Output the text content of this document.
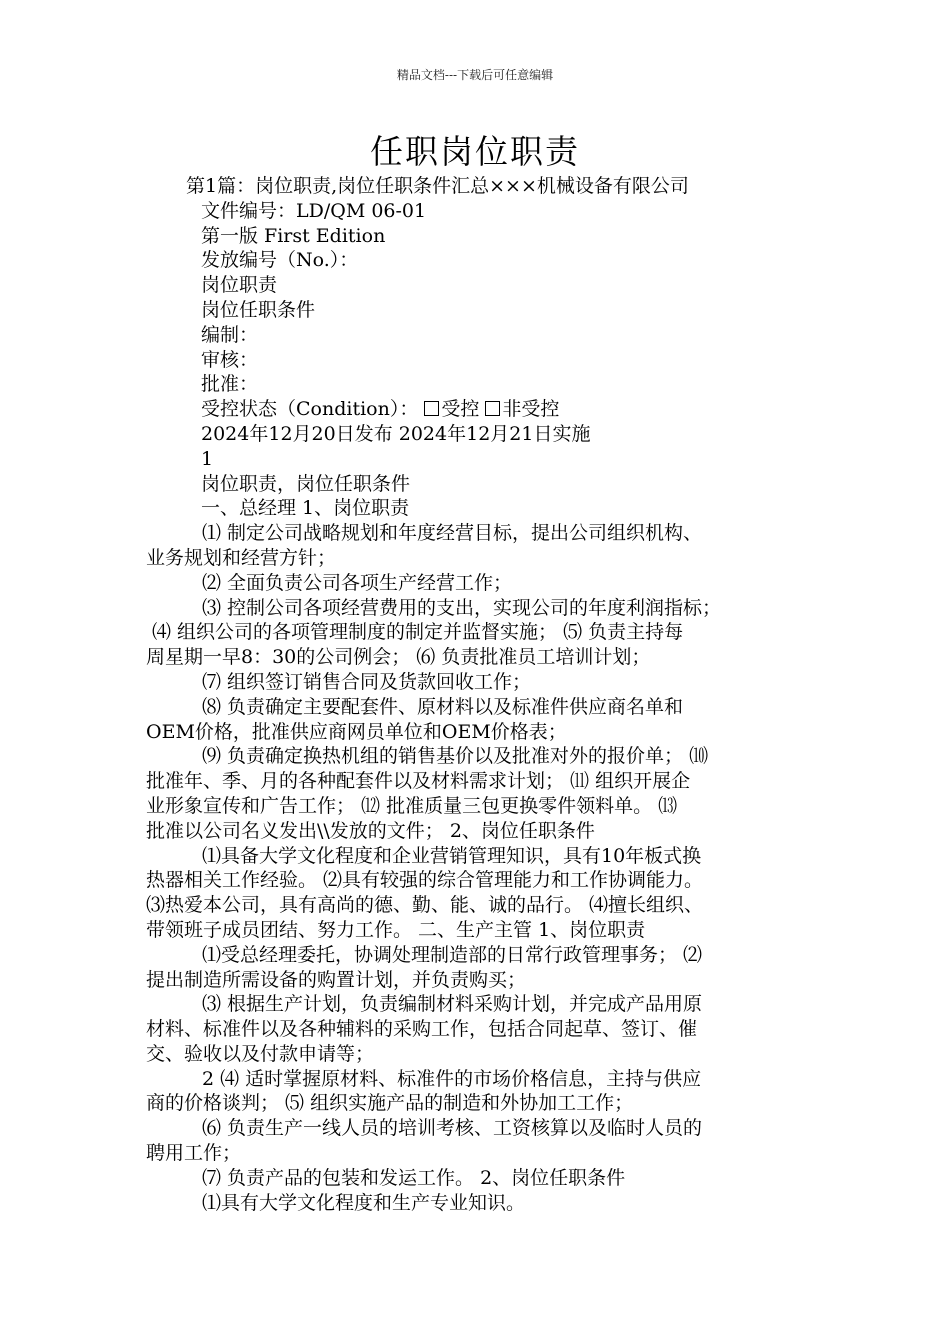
精品文档---下载后可任意编辑
任职岗位职责
第1篇：岗位职责,岗位任职条件汇总×××机械设备有限公司
文件编号：LD/QM 06-01
第一版 First Edition
发放编号（No.）：
岗位职责
岗位任职条件
编制：
审核：
批准：
受控状态（Condition）： 受控 非受控
2024年12月20日发布 2024年12月21日实施
1
岗位职责，岗位任职条件
一、总经理 1、岗位职责
⑴ 制定公司战略规划和年度经营目标，提出公司组织机构、
业务规划和经营方针；
⑵ 全面负责公司各项生产经营工作；
⑶ 控制公司各项经营费用的支出，实现公司的年度利润指标；
⑷ 组织公司的各项管理制度的制定并监督实施； ⑸ 负责主持每
周星期一早8：30的公司例会； ⑹ 负责批准员工培训计划；
⑺ 组织签订销售合同及货款回收工作；
⑻ 负责确定主要配套件、原材料以及标准件供应商名单和
OEM价格，批准供应商网员单位和OEM价格表；
⑼ 负责确定换热机组的销售基价以及批准对外的报价单； ⑽
批准年、季、月的各种配套件以及材料需求计划； ⑾ 组织开展企
业形象宣传和广告工作； ⑿ 批准质量三包更换零件领料单。 ⒀
批准以公司名义发出\\发放的文件； 2、岗位任职条件
⑴具备大学文化程度和企业营销管理知识，具有10年板式换
热器相关工作经验。 ⑵具有较强的综合管理能力和工作协调能力。
⑶热爱本公司，具有高尚的德、勤、能、诚的品行。 ⑷擅长组织、
带领班子成员团结、努力工作。 二、生产主管 1、岗位职责
⑴受总经理委托，协调处理制造部的日常行政管理事务； ⑵
提出制造所需设备的购置计划，并负责购买；
⑶ 根据生产计划，负责编制材料采购计划，并完成产品用原
材料、标准件以及各种辅料的采购工作，包括合同起草、签订、催
交、验收以及付款申请等；
2 ⑷ 适时掌握原材料、标准件的市场价格信息，主持与供应
商的价格谈判； ⑸ 组织实施产品的制造和外协加工工作；
⑹ 负责生产一线人员的培训考核、工资核算以及临时人员的
聘用工作；
⑺ 负责产品的包装和发运工作。 2、岗位任职条件
⑴具有大学文化程度和生产专业知识。
